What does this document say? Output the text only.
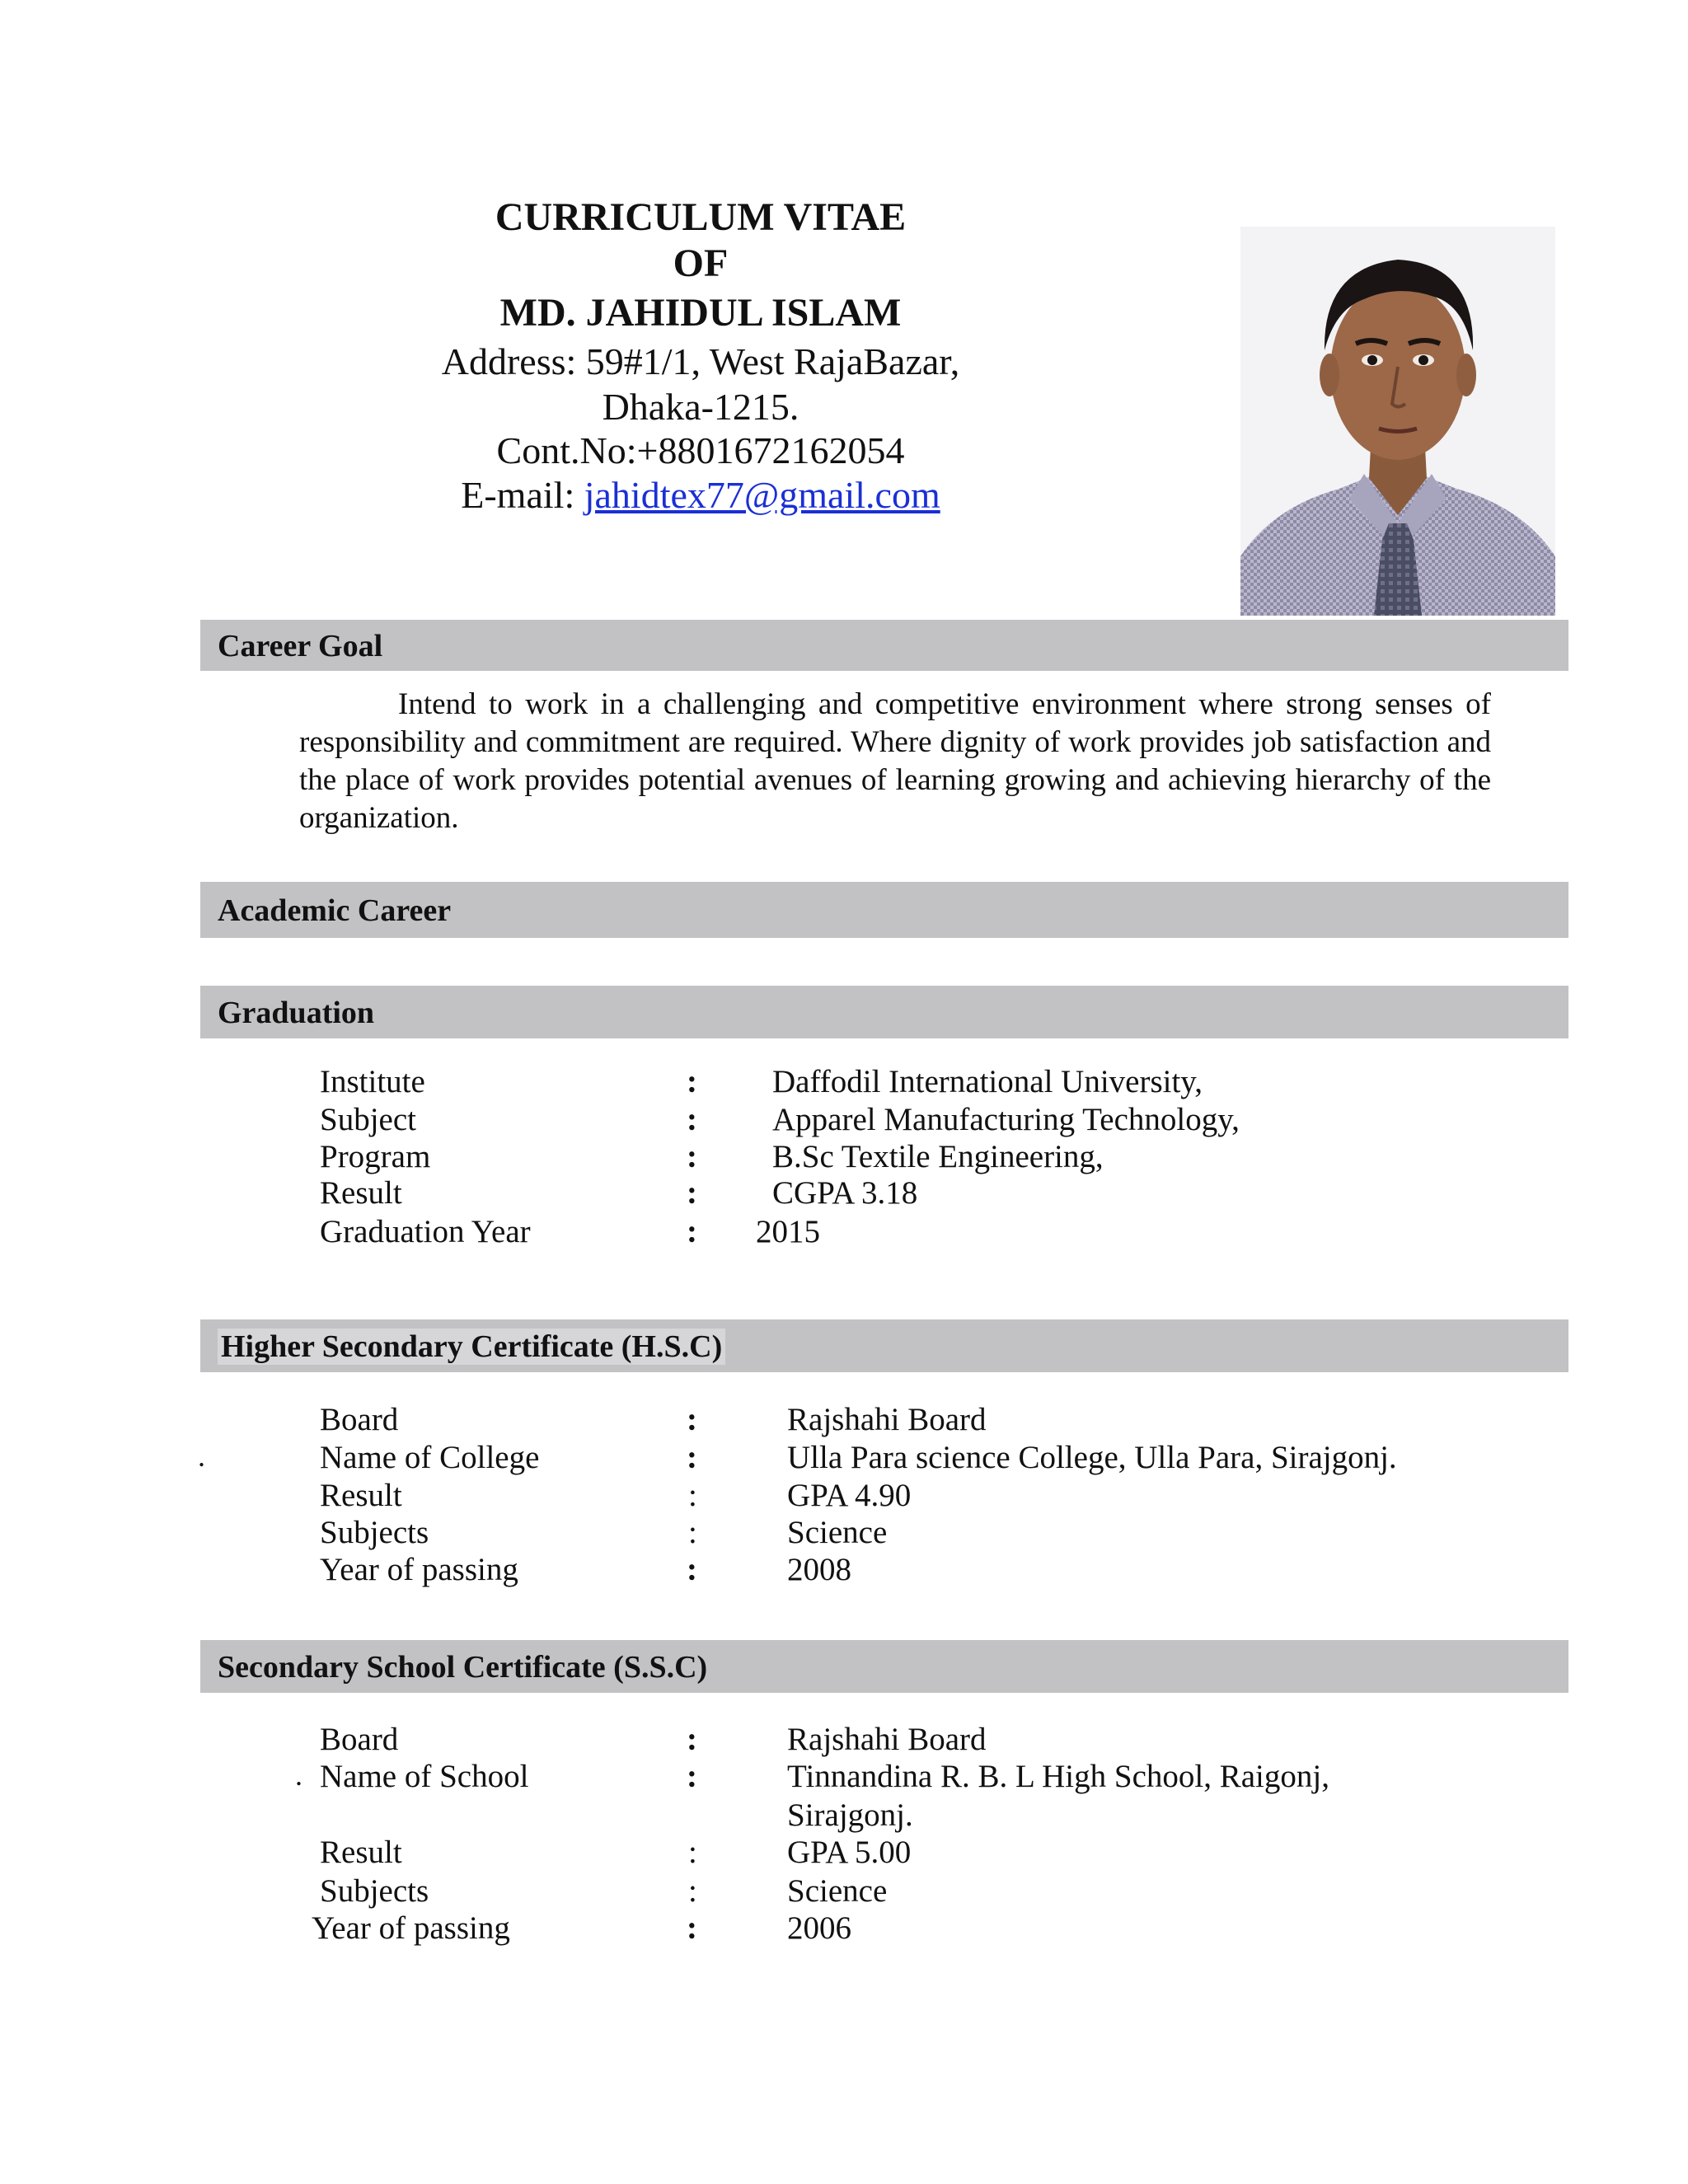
CURRICULUM VITAE
OF
MD. JAHIDUL ISLAM
Address: 59#1/1, West RajaBazar,
Dhaka-1215.
Cont.No:+8801672162054
E-mail: jahidtex77@gmail.com
Career Goal
Intend to work in a challenging and competitive environment where strong senses of responsibility and commitment are required. Where dignity of work provides job satisfaction and the place of work provides potential avenues of learning growing and achieving hierarchy of the organization.
Academic Career
Graduation
Institute	: Daffodil International University,
Subject	: Apparel Manufacturing Technology,
Program	: B.Sc Textile Engineering,
Result	: CGPA 3.18
Graduation Year	: 2015
Higher Secondary Certificate (H.S.C)
Board	:	Rajshahi Board
.	Name of College	:	Ulla Para science College, Ulla Para, Sirajgonj.
Result	:	GPA 4.90
Subjects	:	Science
Year of passing	:	2008
Secondary School Certificate (S.S.C)
Board	:	Rajshahi Board
. Name of School	:	Tinnandina R. B. L High School, Raigonj,
Sirajgonj.
Result	:	GPA 5.00
Subjects	:	Science
Year of passing	:	2006
